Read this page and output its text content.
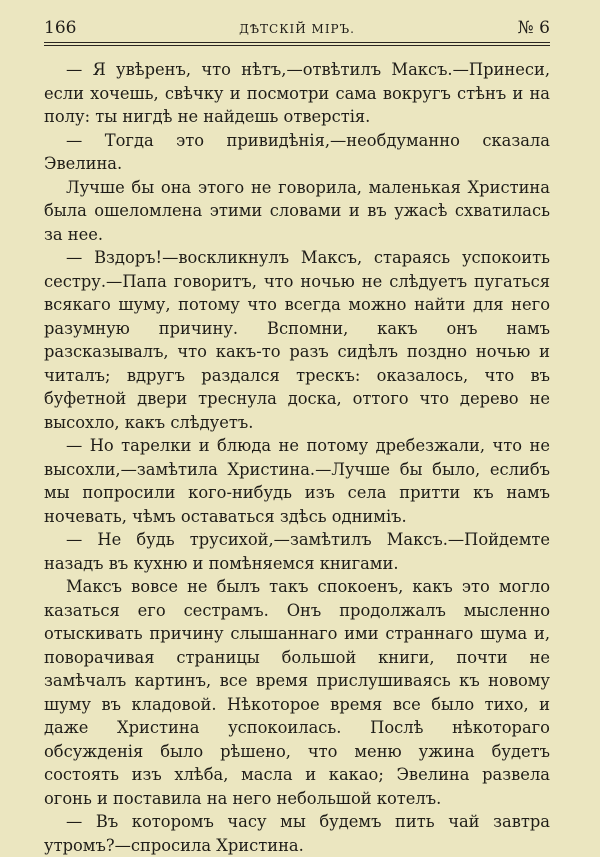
166	ДѢТСКІЙ МІРЪ.	№ 6

— Я увѣренъ, что нѣтъ,—отвѣтилъ Максъ.—Принеси, если хочешь, свѣчку и посмотри сама вокругъ стѣнъ и на полу: ты нигдѣ не найдешь отверстія.

— Тогда это привидѣнія,—необдуманно сказала Эвелина.

Лучше бы она этого не говорила, маленькая Христина была ошеломлена этими словами и въ ужасѣ схватилась за нее.

— Вздоръ!—воскликнулъ Максъ, стараясь успокоить сестру.—Папа говоритъ, что ночью не слѣдуетъ пугаться всякаго шуму, потому что всегда можно найти для него разумную причину. Вспомни, какъ онъ намъ разсказывалъ, что какъ-то разъ сидѣлъ поздно ночью и читалъ; вдругъ раздался трескъ: оказалось, что въ буфетной двери треснула доска, оттого что дерево не высохло, какъ слѣдуетъ.

— Но тарелки и блюда не потому дребезжали, что не высохли,—замѣтила Христина.—Лучше бы было, еслибъ мы попросили кого-нибудь изъ села притти къ намъ ночевать, чѣмъ оставаться здѣсь одниміъ.

— Не будь трусихой,—замѣтилъ Максъ.—Пойдемте назадъ въ кухню и помѣняемся книгами.

Максъ вовсе не былъ такъ спокоенъ, какъ это могло казаться его сестрамъ. Онъ продолжалъ мысленно отыскивать причину слышаннаго ими страннаго шума и, поворачивая страницы большой книги, почти не замѣчалъ картинъ, все время прислушиваясь къ новому шуму въ кладовой. Нѣкоторое время все было тихо, и даже Христина успокоилась. Послѣ нѣкотораго обсужденія было рѣшено, что меню ужина будетъ состоять изъ хлѣба, масла и какао; Эвелина развела огонь и поставила на него небольшой котелъ.

— Въ которомъ часу мы будемъ пить чай завтра утромъ?—спросила Христина.
